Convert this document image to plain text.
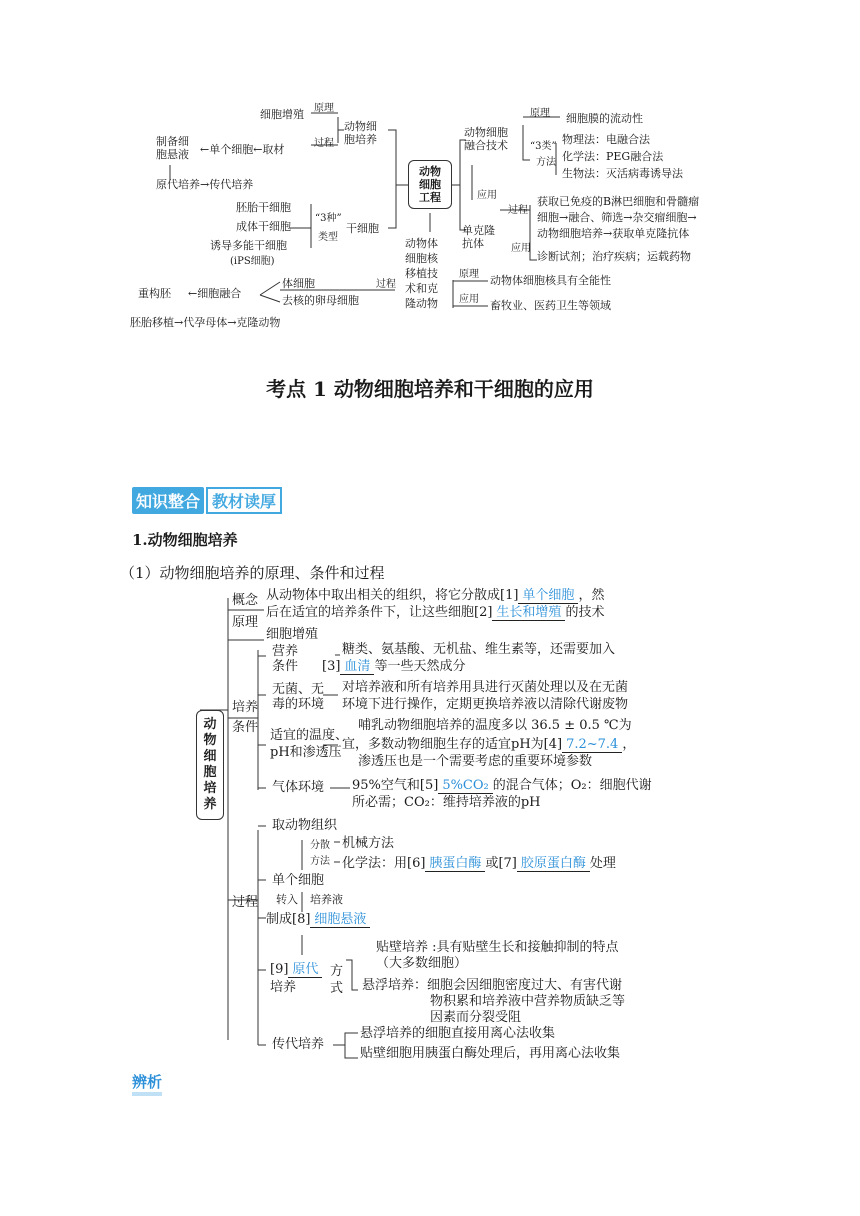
细胞增殖 原理
过程
动物细
胞培养
制备细
胞悬液 ←单个细胞←取材
原代培养→传代培养
胚胎干细胞
成体干细胞
诱导多能干细胞
(iPS细胞)
“3种”
类型
干细胞
动物
细胞
工程
动物细胞
融合技术
原理 细胞膜的流动性
“3类”
方法
物理法：电融合法
化学法：PEG融合法
生物法：灭活病毒诱导法
应用
单克隆
抗体
过程
应用
获取已免疫的B淋巴细胞和骨髓瘤
细胞→融合、筛选→杂交瘤细胞→
动物细胞培养→获取单克隆抗体
诊断试剂；治疗疾病；运载药物
动物体
细胞核
移植技
术和克
隆动物
过程
原理
应用
动物体细胞核具有全能性
畜牧业、医药卫生等领域
体细胞
去核的卵母细胞
重构胚 ←细胞融合
胚胎移植→代孕母体→克隆动物
考点 1 动物细胞培养和干细胞的应用
知识整合 教材读厚
1.动物细胞培养
（1）动物细胞培养的原理、条件和过程
动
物
细
胞
培
养
概念
原理
培养
条件
过程
从动物体中取出相关的组织，将它分散成[1] 单个细胞 ，然
后在适宜的培养条件下，让这些细胞[2] 生长和增殖 的技术
细胞增殖
营养
条件
糖类、氨基酸、无机盐、维生素等，还需要加入
[3] 血清 等一些天然成分
无菌、无
毒的环境
对培养液和所有培养用具进行灭菌处理以及在无菌
环境下进行操作，定期更换培养液以清除代谢废物
适宜的温度、
pH和渗透压
哺乳动物细胞培养的温度多以 36.5 ± 0.5 ℃为
宜，多数动物细胞生存的适宜pH为[4] 7.2~7.4 ，
渗透压也是一个需要考虑的重要环境参数
气体环境 95%空气和[5] 5%CO₂ 的混合气体；O₂：细胞代谢
所必需；CO₂：维持培养液的pH
取动物组织
分散
方法
机械方法
化学法：用[6] 胰蛋白酶 或[7] 胶原蛋白酶 处理
单个细胞
转入 培养液
制成[8] 细胞悬液
[9] 原代
培养
方
式
贴壁培养 :具有贴壁生长和接触抑制的特点
（大多数细胞）
悬浮培养：细胞会因细胞密度过大、有害代谢
物积累和培养液中营养物质缺乏等
因素而分裂受阻
传代培养
悬浮培养的细胞直接用离心法收集
贴壁细胞用胰蛋白酶处理后，再用离心法收集
辨析
